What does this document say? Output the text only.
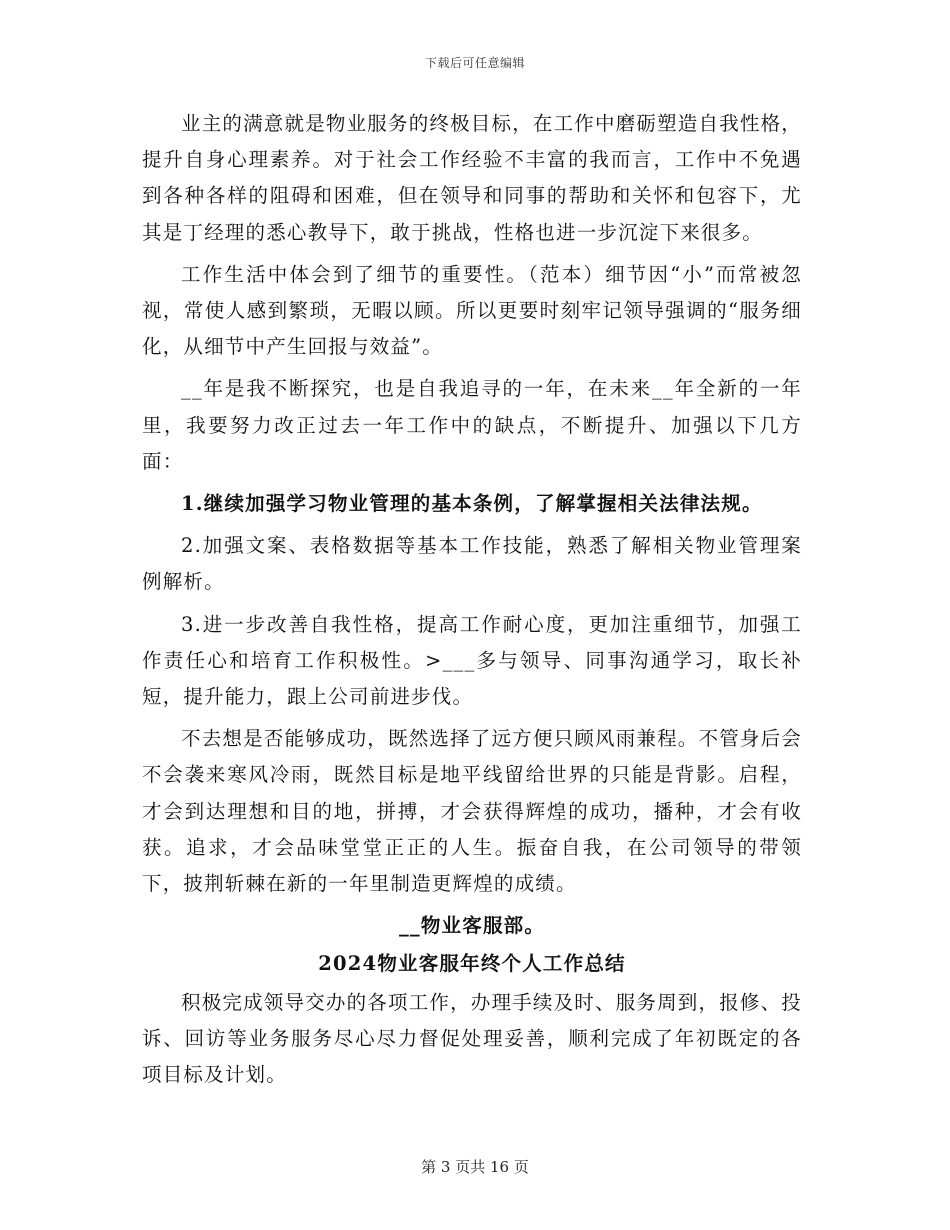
下载后可任意编辑

业主的满意就是物业服务的终极目标，在工作中磨砺塑造自我性格，提升自身心理素养。对于社会工作经验不丰富的我而言，工作中不免遇到各种各样的阻碍和困难，但在领导和同事的帮助和关怀和包容下，尤其是丁经理的悉心教导下，敢于挑战，性格也进一步沉淀下来很多。

工作生活中体会到了细节的重要性。（范本）细节因“小”而常被忽视，常使人感到繁琐，无暇以顾。所以更要时刻牢记领导强调的“服务细化，从细节中产生回报与效益”。

__年是我不断探究，也是自我追寻的一年，在未来__年全新的一年里，我要努力改正过去一年工作中的缺点，不断提升、加强以下几方面：

1.继续加强学习物业管理的基本条例，了解掌握相关法律法规。

2.加强文案、表格数据等基本工作技能，熟悉了解相关物业管理案例解析。

3.进一步改善自我性格，提高工作耐心度，更加注重细节，加强工作责任心和培育工作积极性。>___多与领导、同事沟通学习，取长补短，提升能力，跟上公司前进步伐。

不去想是否能够成功，既然选择了远方便只顾风雨兼程。不管身后会不会袭来寒风冷雨，既然目标是地平线留给世界的只能是背影。启程，才会到达理想和目的地，拼搏，才会获得辉煌的成功，播种，才会有收获。追求，才会品味堂堂正正的人生。振奋自我，在公司领导的带领下，披荆斩棘在新的一年里制造更辉煌的成绩。

__物业客服部。

2024物业客服年终个人工作总结

积极完成领导交办的各项工作，办理手续及时、服务周到，报修、投诉、回访等业务服务尽心尽力督促处理妥善，顺利完成了年初既定的各项目标及计划。

第 3 页共 16 页
